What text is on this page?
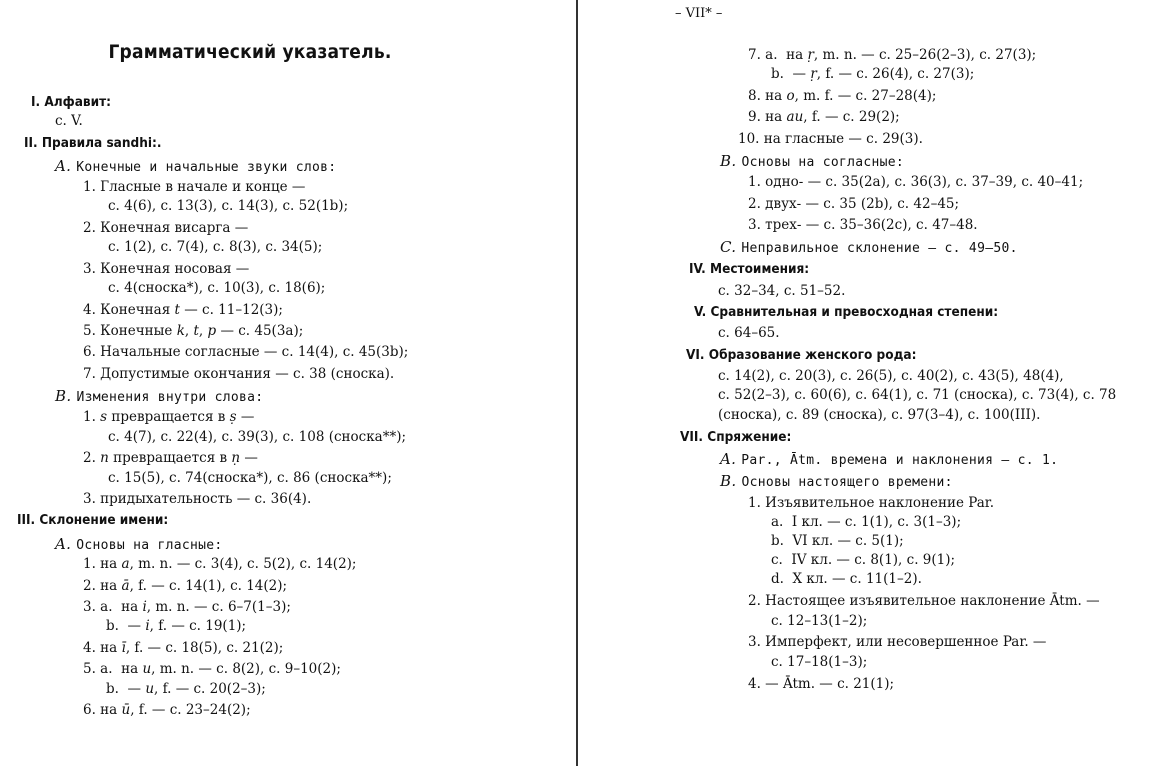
Грамматический указатель.
I. Алфавит:
с. V.
II. Правила sandhi:.
A. Конечные и начальные звуки слов:
1. Гласные в начале и конце —
с. 4(6), с. 13(3), с. 14(3), с. 52(1b);
2. Конечная висарга —
с. 1(2), с. 7(4), с. 8(3), с. 34(5);
3. Конечная носовая —
с. 4(сноска*), с. 10(3), с. 18(6);
4. Конечная t — с. 11–12(3);
5. Конечные k, t, p — с. 45(3a);
6. Начальные согласные — с. 14(4), с. 45(3b);
7. Допустимые окончания — с. 38 (сноска).
B. Изменения внутри слова:
1. s превращается в ṣ —
с. 4(7), с. 22(4), с. 39(3), с. 108 (сноска**);
2. n превращается в ṇ —
с. 15(5), с. 74(сноска*), с. 86 (сноска**);
3. придыхательность — с. 36(4).
III. Склонение имени:
A. Основы на гласные:
1. на a, m. n. — с. 3(4), с. 5(2), с. 14(2);
2. на ā, f. — с. 14(1), с. 14(2);
3. a.  на i, m. n. — с. 6–7(1–3);
b.  — i, f. — с. 19(1);
4. на ī, f. — с. 18(5), с. 21(2);
5. a.  на u, m. n. — с. 8(2), с. 9–10(2);
b.  — u, f. — с. 20(2–3);
6. на ū, f. — с. 23–24(2);
– VII* –
7. a.  на ṛ, m. n. — с. 25–26(2–3), с. 27(3);
b.  — ṛ, f. — с. 26(4), с. 27(3);
8. на o, m. f. — с. 27–28(4);
9. на au, f. — с. 29(2);
10. на гласные — с. 29(3).
B. Основы на согласные:
1. одно- — с. 35(2a), с. 36(3), с. 37–39, с. 40–41;
2. двух- — с. 35 (2b), с. 42–45;
3. трех- — с. 35–36(2c), с. 47–48.
C. Неправильное склонение — с. 49–50.
IV. Местоимения:
с. 32–34, с. 51–52.
V. Сравнительная и превосходная степени:
с. 64–65.
VI. Образование женского рода:
с. 14(2), с. 20(3), с. 26(5), с. 40(2), с. 43(5), 48(4),
с. 52(2–3), с. 60(6), с. 64(1), с. 71 (сноска), с. 73(4), с. 78
(сноска), с. 89 (сноска), с. 97(3–4), с. 100(III).
VII. Спряжение:
A. Par., Ātm. времена и наклонения — с. 1.
B. Основы настоящего времени:
1. Изъявительное наклонение Par.
a.  I кл. — с. 1(1), с. 3(1–3);
b.  VI кл. — с. 5(1);
c.  IV кл. — с. 8(1), с. 9(1);
d.  X кл. — с. 11(1–2).
2. Настоящее изъявительное наклонение Ātm. —
с. 12–13(1–2);
3. Имперфект, или несовершенное Par. —
с. 17–18(1–3);
4. — Ātm. — с. 21(1);
